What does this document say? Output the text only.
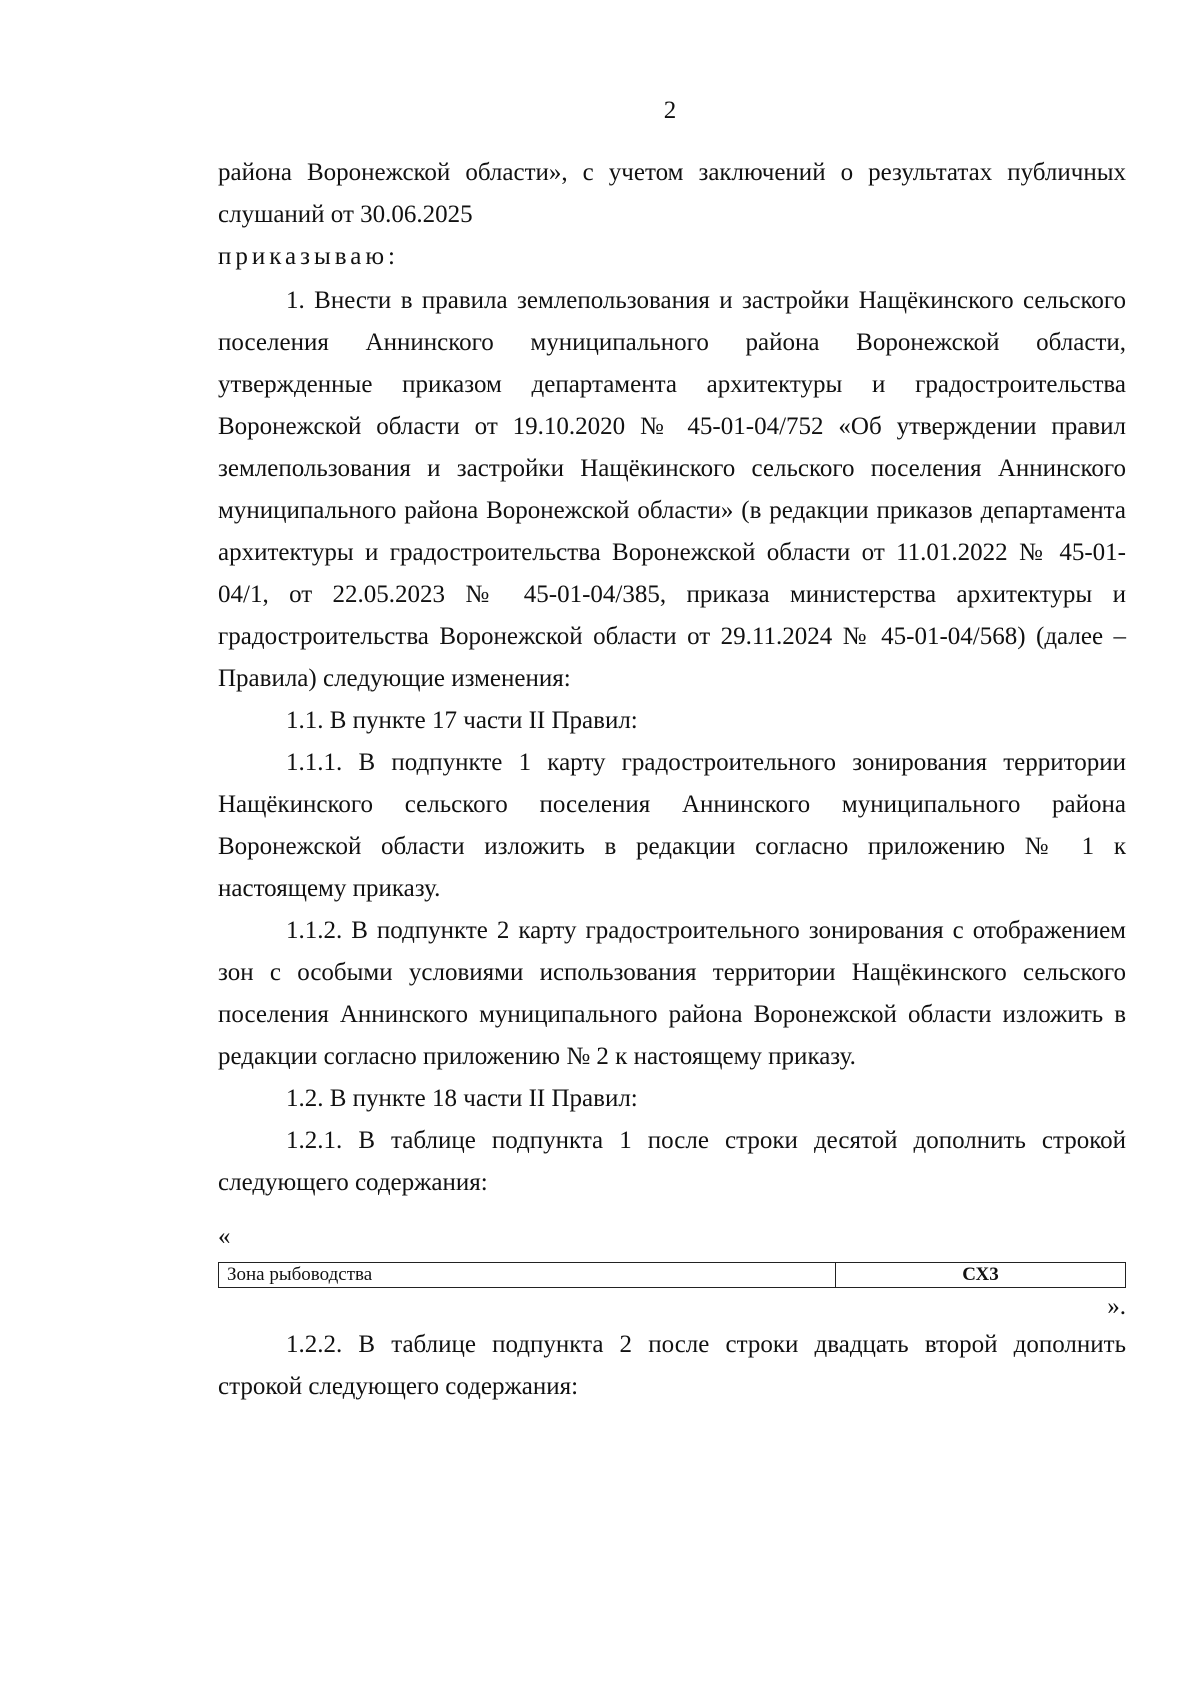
2

района Воронежской области», с учетом заключений о результатах публичных слушаний от 30.06.2025

приказываю:

1. Внести в правила землепользования и застройки Нащёкинского сельского поселения Аннинского муниципального района Воронежской области, утвержденные приказом департамента архитектуры и градостроительства Воронежской области от 19.10.2020 № 45-01-04/752 «Об утверждении правил землепользования и застройки Нащёкинского сельского поселения Аннинского муниципального района Воронежской области» (в редакции приказов департамента архитектуры и градостроительства Воронежской области от 11.01.2022 № 45-01-04/1, от 22.05.2023 № 45-01-04/385, приказа министерства архитектуры и градостроительства Воронежской области от 29.11.2024 № 45-01-04/568) (далее – Правила) следующие изменения:

1.1. В пункте 17 части II Правил:

1.1.1. В подпункте 1 карту градостроительного зонирования территории Нащёкинского сельского поселения Аннинского муниципального района Воронежской области изложить в редакции согласно приложению № 1 к настоящему приказу.

1.1.2. В подпункте 2 карту градостроительного зонирования с отображением зон с особыми условиями использования территории Нащёкинского сельского поселения Аннинского муниципального района Воронежской области изложить в редакции согласно приложению № 2 к настоящему приказу.

1.2. В пункте 18 части II Правил:

1.2.1. В таблице подпункта 1 после строки десятой дополнить строкой следующего содержания:

«

Зона рыбоводства	СХ3

».

1.2.2. В таблице подпункта 2 после строки двадцать второй дополнить строкой следующего содержания:
